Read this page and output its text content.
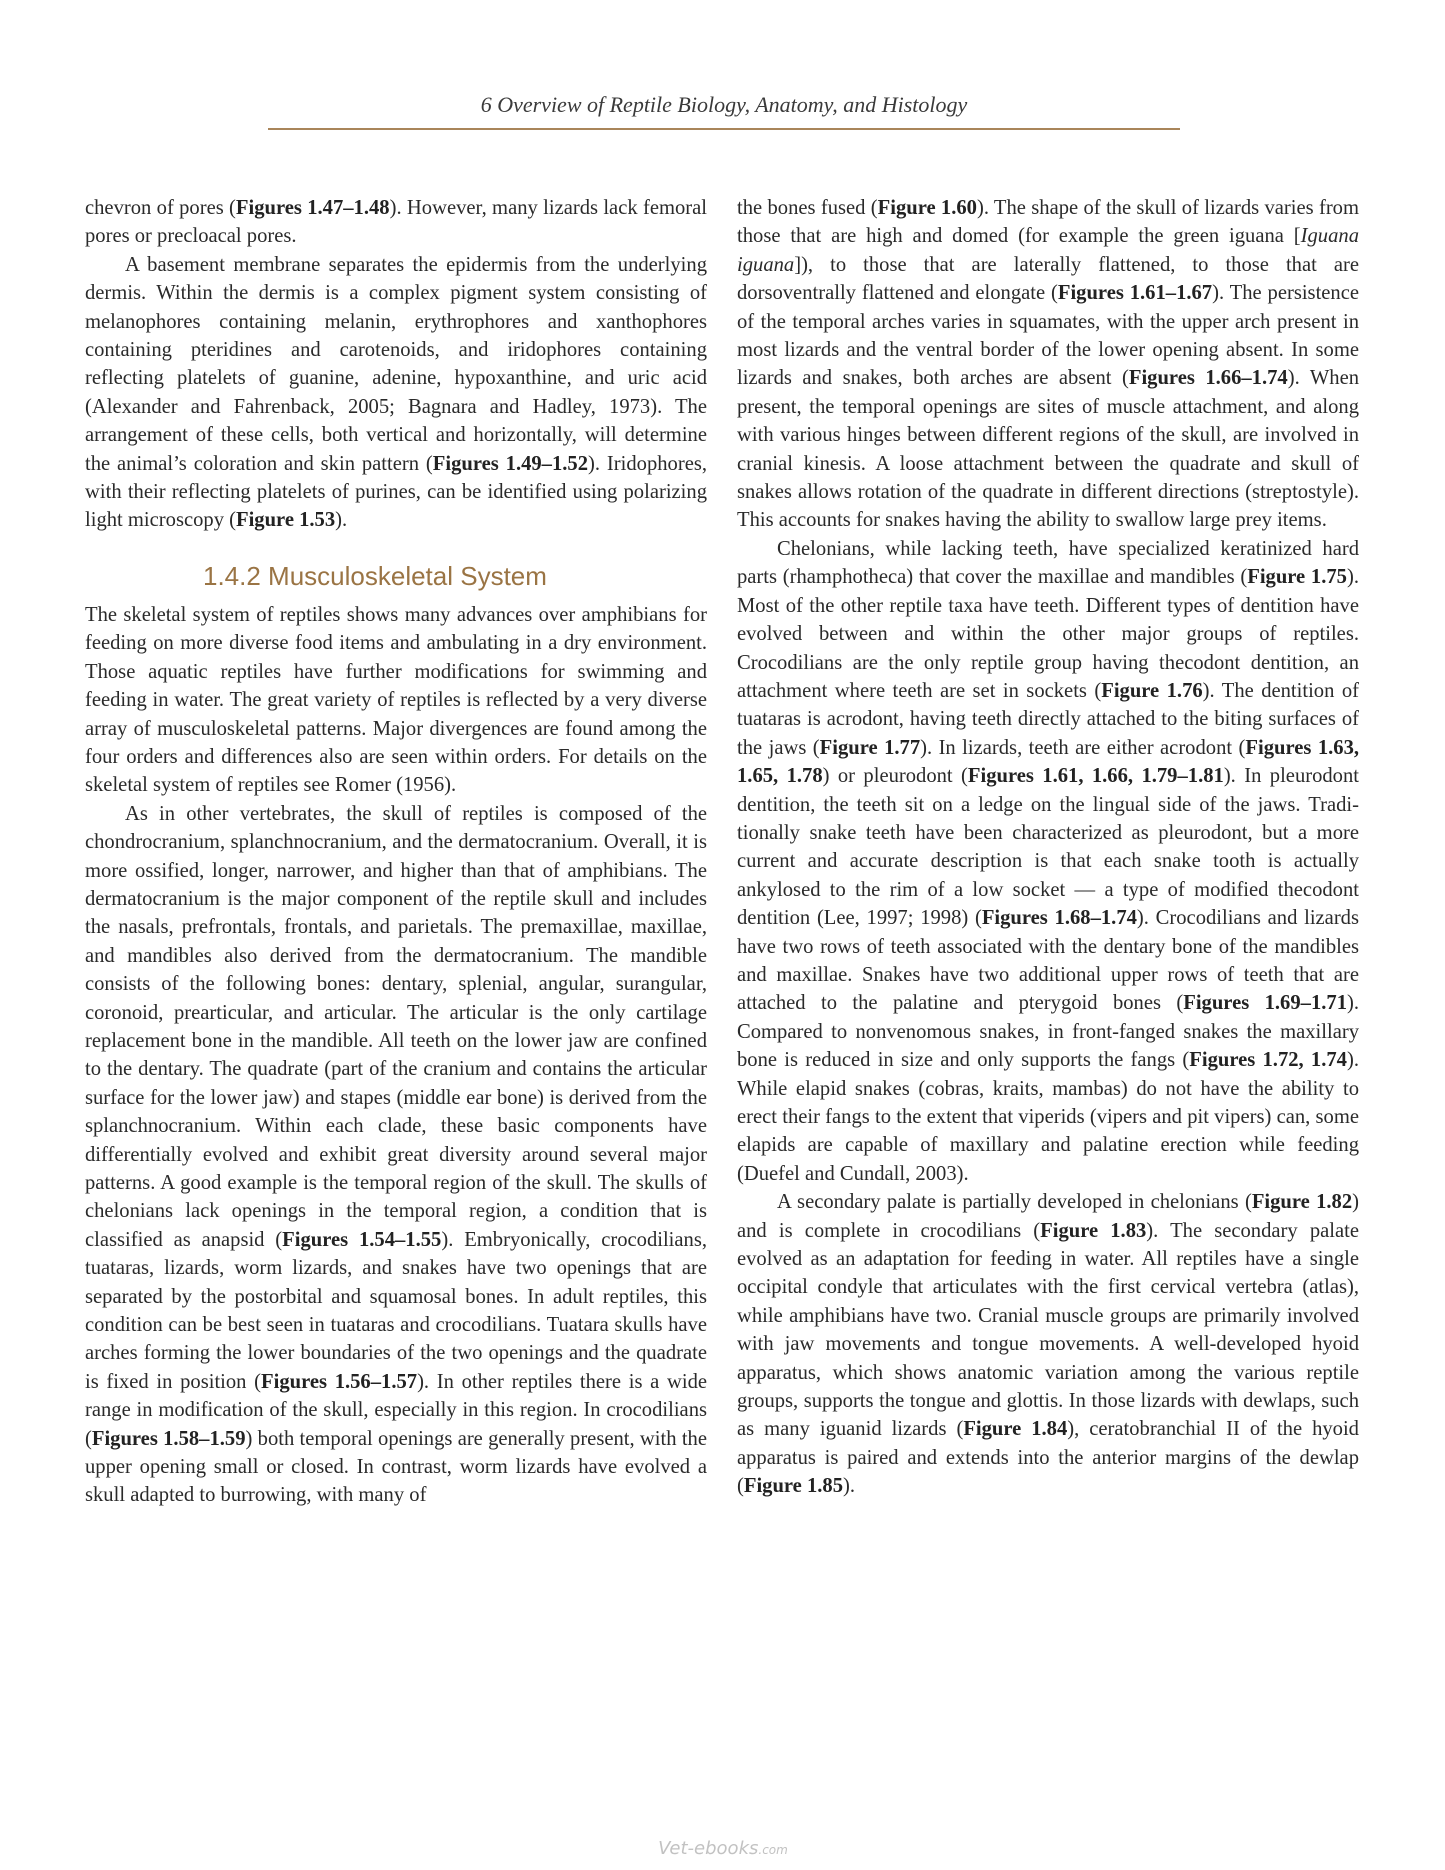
6 Overview of Reptile Biology, Anatomy, and Histology

chevron of pores (Figures 1.47–1.48). However, many lizards lack femoral pores or precloacal pores.

A basement membrane separates the epidermis from the underlying dermis. Within the dermis is a complex pigment system consisting of melanophores containing melanin, erythrophores and xanthophores containing pteridines and carotenoids, and iridophores containing reflecting platelets of guanine, adenine, hypoxanthine, and uric acid (Alexander and Fahrenback, 2005; Bagnara and Hadley, 1973). The arrangement of these cells, both vertical and horizontally, will determine the animal’s coloration and skin pattern (Figures 1.49–1.52). Iridophores, with their reflecting platelets of purines, can be identified using polarizing light microscopy (Figure 1.53).

1.4.2 Musculoskeletal System

The skeletal system of reptiles shows many advances over amphibians for feeding on more diverse food items and ambulating in a dry environment. Those aquatic reptiles have further modifications for swimming and feeding in water. The great variety of reptiles is reflected by a very diverse array of musculoskeletal patterns. Major divergences are found among the four orders and differences also are seen within orders. For details on the skeletal system of reptiles see Romer (1956).

As in other vertebrates, the skull of reptiles is composed of the chondrocranium, splanchnocranium, and the dermatocranium. Overall, it is more ossified, longer, narrower, and higher than that of amphibians. The dermatocranium is the major component of the reptile skull and includes the nasals, prefrontals, frontals, and parietals. The premaxillae, maxillae, and mandibles also derived from the dermatocranium. The mandible consists of the following bones: dentary, splenial, angular, surangular, coronoid, prearticular, and articular. The articular is the only cartilage replacement bone in the mandible. All teeth on the lower jaw are confined to the dentary. The quadrate (part of the cranium and contains the articular surface for the lower jaw) and stapes (middle ear bone) is derived from the splanchnocranium. Within each clade, these basic components have differentially evolved and exhibit great diversity around several major patterns. A good example is the temporal region of the skull. The skulls of chelonians lack openings in the temporal region, a condition that is classified as anapsid (Figures 1.54–1.55). Embryonically, crocodilians, tuataras, lizards, worm lizards, and snakes have two openings that are separated by the postorbital and squamosal bones. In adult reptiles, this condition can be best seen in tuataras and crocodilians. Tuatara skulls have arches forming the lower boundaries of the two openings and the quadrate is fixed in position (Figures 1.56–1.57). In other reptiles there is a wide range in modification of the skull, especially in this region. In crocodilians (Figures 1.58–1.59) both temporal openings are generally present, with the upper opening small or closed. In contrast, worm lizards have evolved a skull adapted to burrowing, with many of

the bones fused (Figure 1.60). The shape of the skull of lizards varies from those that are high and domed (for example the green iguana [Iguana iguana]), to those that are laterally flattened, to those that are dorsoventrally flattened and elongate (Figures 1.61–1.67). The persistence of the temporal arches varies in squamates, with the upper arch present in most lizards and the ventral border of the lower opening absent. In some lizards and snakes, both arches are absent (Figures 1.66–1.74). When present, the temporal openings are sites of muscle attachment, and along with various hinges between different regions of the skull, are involved in cranial kinesis. A loose attachment between the quadrate and skull of snakes allows rotation of the quadrate in different directions (streptostyle). This accounts for snakes having the ability to swallow large prey items.

Chelonians, while lacking teeth, have specialized keratinized hard parts (rhamphotheca) that cover the maxillae and mandibles (Figure 1.75). Most of the other reptile taxa have teeth. Different types of dentition have evolved between and within the other major groups of reptiles. Crocodilians are the only reptile group having thecodont dentition, an attachment where teeth are set in sockets (Figure 1.76). The dentition of tuataras is acrodont, having teeth directly attached to the biting surfaces of the jaws (Figure 1.77). In lizards, teeth are either acrodont (Figures 1.63, 1.65, 1.78) or pleurodont (Figures 1.61, 1.66, 1.79–1.81). In pleurodont dentition, the teeth sit on a ledge on the lingual side of the jaws. Traditionally snake teeth have been characterized as pleurodont, but a more current and accurate description is that each snake tooth is actually ankylosed to the rim of a low socket — a type of modified thecodont dentition (Lee, 1997; 1998) (Figures 1.68–1.74). Crocodilians and lizards have two rows of teeth associated with the dentary bone of the mandibles and maxillae. Snakes have two additional upper rows of teeth that are attached to the palatine and pterygoid bones (Figures 1.69–1.71). Compared to nonvenomous snakes, in front-fanged snakes the maxillary bone is reduced in size and only supports the fangs (Figures 1.72, 1.74). While elapid snakes (cobras, kraits, mambas) do not have the ability to erect their fangs to the extent that viperids (vipers and pit vipers) can, some elapids are capable of maxillary and palatine erection while feeding (Duefel and Cundall, 2003).

A secondary palate is partially developed in chelonians (Figure 1.82) and is complete in crocodilians (Figure 1.83). The secondary palate evolved as an adaptation for feeding in water. All reptiles have a single occipital condyle that articulates with the first cervical vertebra (atlas), while amphibians have two. Cranial muscle groups are primarily involved with jaw movements and tongue movements. A well-developed hyoid apparatus, which shows anatomic variation among the various reptile groups, supports the tongue and glottis. In those lizards with dewlaps, such as many iguanid lizards (Figure 1.84), ceratobranchial II of the hyoid apparatus is paired and extends into the anterior margins of the dewlap (Figure 1.85).

Vet-ebooks.com
